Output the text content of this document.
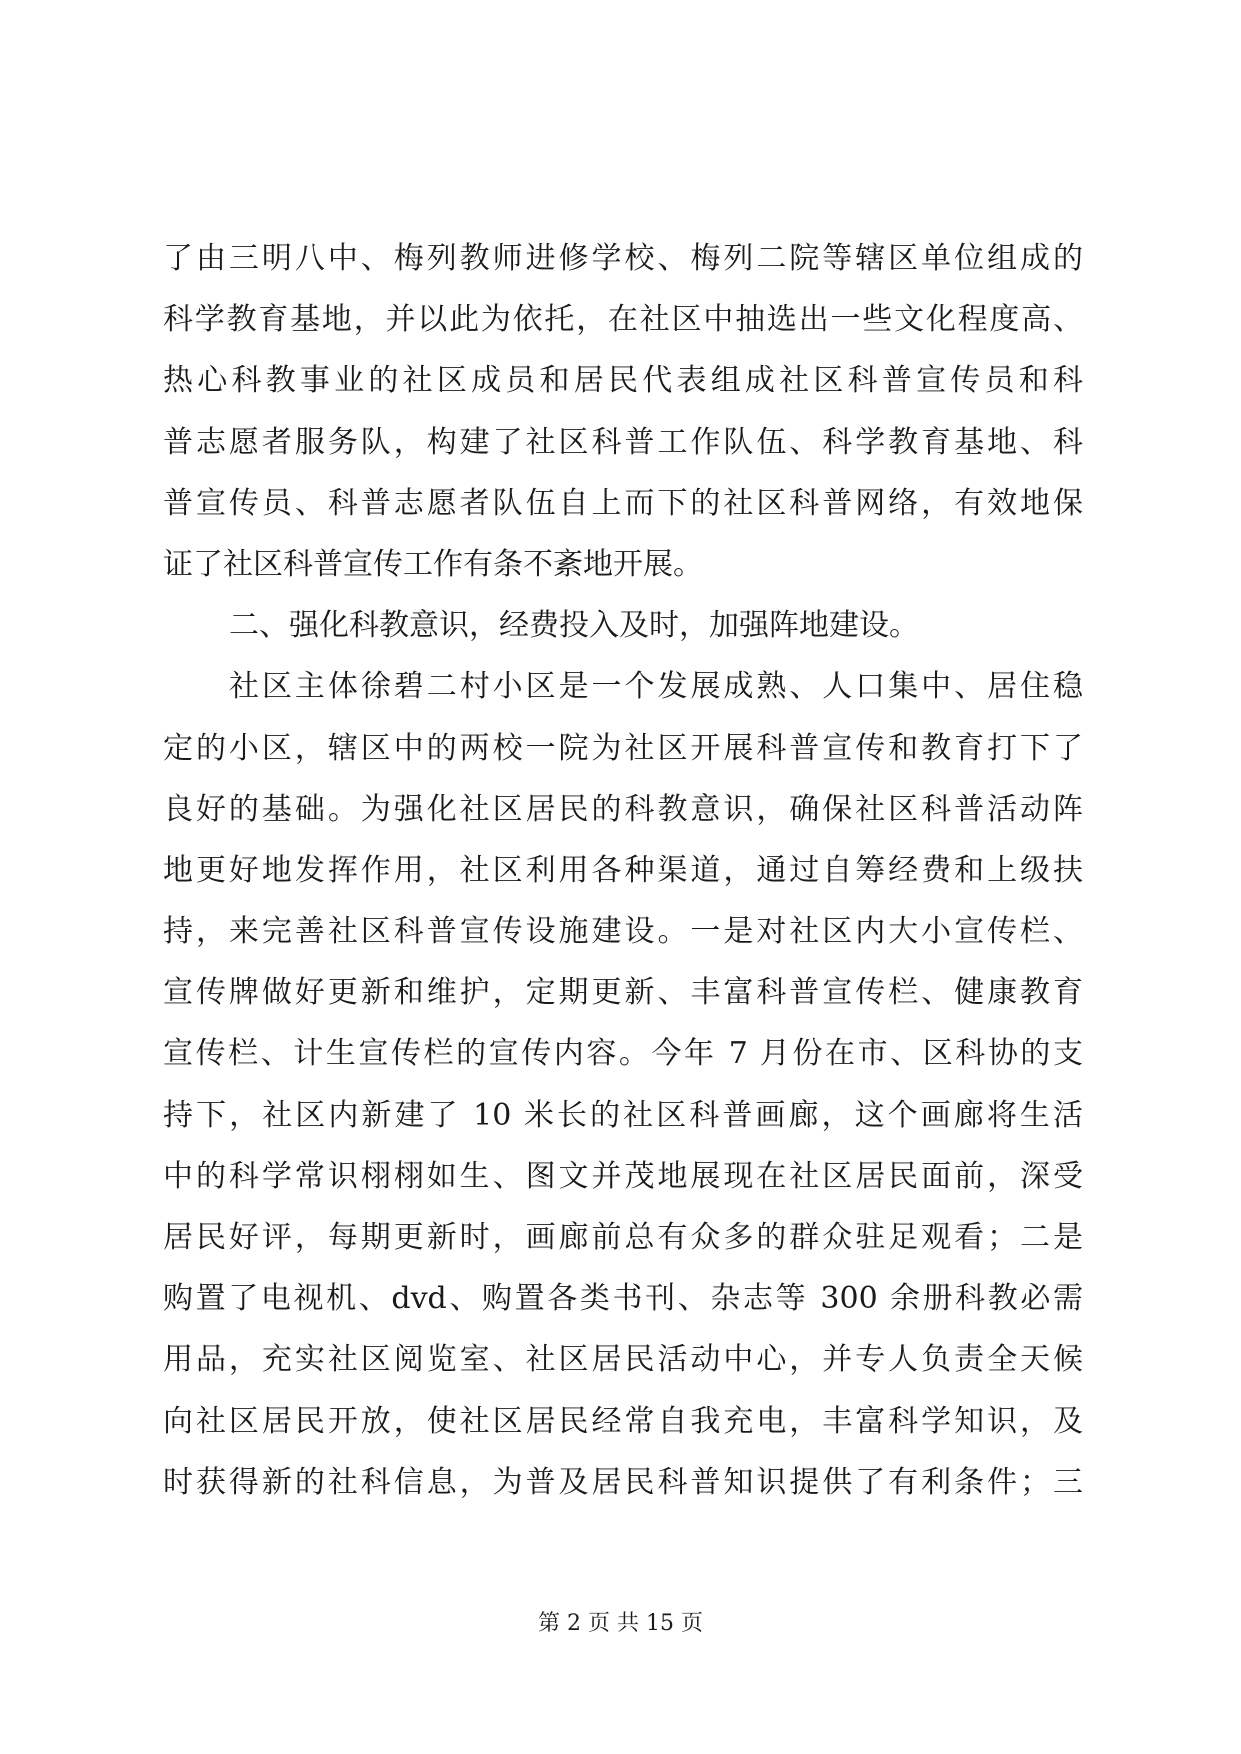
了由三明八中、梅列教师进修学校、梅列二院等辖区单位组成的
科学教育基地，并以此为依托，在社区中抽选出一些文化程度高、
热心科教事业的社区成员和居民代表组成社区科普宣传员和科
普志愿者服务队，构建了社区科普工作队伍、科学教育基地、科
普宣传员、科普志愿者队伍自上而下的社区科普网络，有效地保
证了社区科普宣传工作有条不紊地开展。
二、强化科教意识，经费投入及时，加强阵地建设。
社区主体徐碧二村小区是一个发展成熟、人口集中、居住稳
定的小区，辖区中的两校一院为社区开展科普宣传和教育打下了
良好的基础。为强化社区居民的科教意识，确保社区科普活动阵
地更好地发挥作用，社区利用各种渠道，通过自筹经费和上级扶
持，来完善社区科普宣传设施建设。一是对社区内大小宣传栏、
宣传牌做好更新和维护，定期更新、丰富科普宣传栏、健康教育
宣传栏、计生宣传栏的宣传内容。今年 7 月份在市、区科协的支
持下，社区内新建了 10 米长的社区科普画廊，这个画廊将生活
中的科学常识栩栩如生、图文并茂地展现在社区居民面前，深受
居民好评，每期更新时，画廊前总有众多的群众驻足观看；二是
购置了电视机、dvd、购置各类书刊、杂志等 300 余册科教必需
用品，充实社区阅览室、社区居民活动中心，并专人负责全天候
向社区居民开放，使社区居民经常自我充电，丰富科学知识，及
时获得新的社科信息，为普及居民科普知识提供了有利条件；三
第 2 页 共 15 页
